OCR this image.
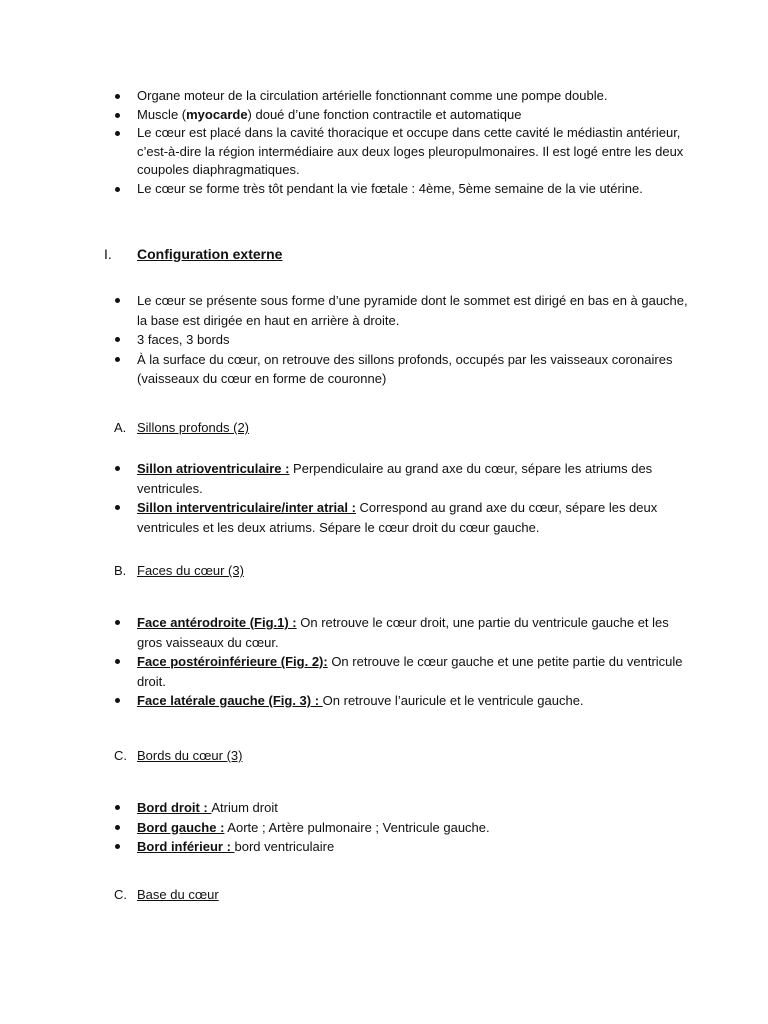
Organe moteur de la circulation artérielle fonctionnant comme une pompe double.
Muscle (myocarde) doué d’une fonction contractile et automatique
Le cœur est placé dans la cavité thoracique et occupe dans cette cavité le médiastin antérieur, c’est-à-dire la région intermédiaire aux deux loges pleuropulmonaires. Il est logé entre les deux coupoles diaphragmatiques.
Le cœur se forme très tôt pendant la vie fœtale : 4ème, 5ème semaine de la vie utérine.
I. Configuration externe
Le cœur se présente sous forme d’une pyramide dont le sommet est dirigé en bas en à gauche, la base est dirigée en haut en arrière à droite.
3 faces, 3 bords
À la surface du cœur, on retrouve des sillons profonds, occupés par les vaisseaux coronaires (vaisseaux du cœur en forme de couronne)
A. Sillons profonds (2)
Sillon atrioventriculaire : Perpendiculaire au grand axe du cœur, sépare les atriums des ventricules.
Sillon interventriculaire/inter atrial : Correspond au grand axe du cœur, sépare les deux ventricules et les deux atriums. Sépare le cœur droit du cœur gauche.
B. Faces du cœur (3)
Face antérodroite (Fig.1) : On retrouve le cœur droit, une partie du ventricule gauche et les gros vaisseaux du cœur.
Face postéroinférieure (Fig. 2): On retrouve le cœur gauche et une petite partie du ventricule droit.
Face latérale gauche (Fig. 3) : On retrouve l’auricule et le ventricule gauche.
C. Bords du cœur (3)
Bord droit : Atrium droit
Bord gauche : Aorte ; Artère pulmonaire ; Ventricule gauche.
Bord inférieur : bord ventriculaire
C. Base du cœur
